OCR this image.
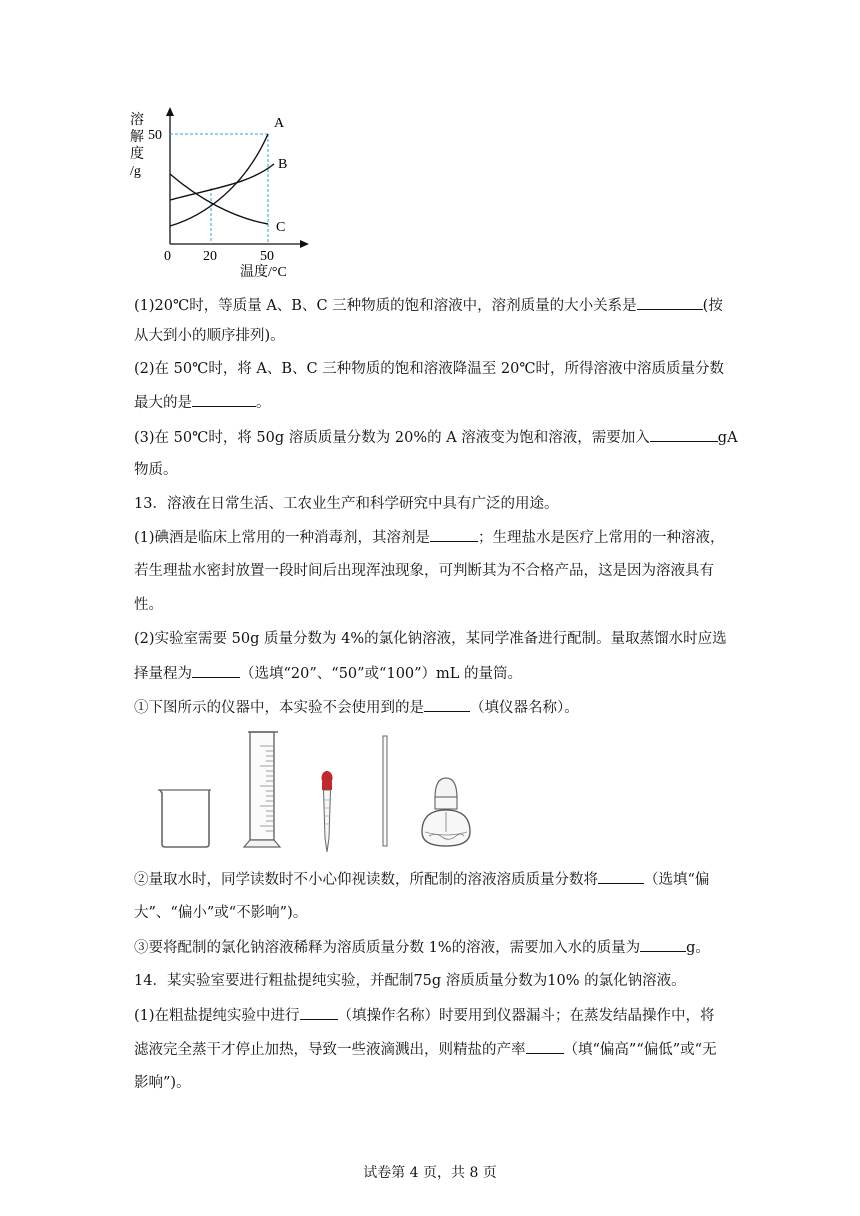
溶
解
度
/g
50
0 20	50
温度/°C
A
B
C
(1)20℃时，等质量 A、B、C 三种物质的饱和溶液中，溶剂质量的大小关系是	(按
从大到小的顺序排列)。
(2)在 50℃时，将 A、B、C 三种物质的饱和溶液降温至 20℃时，所得溶液中溶质质量分数
最大的是	。
(3)在 50℃时，将 50g 溶质质量分数为 20%的 A 溶液变为饱和溶液，需要加入	gA
物质。
13．溶液在日常生活、工农业生产和科学研究中具有广泛的用途。
(1)碘酒是临床上常用的一种消毒剂，其溶剂是	；生理盐水是医疗上常用的一种溶液，
若生理盐水密封放置一段时间后出现浑浊现象，可判断其为不合格产品，这是因为溶液具有
性。
(2)实验室需要 50g 质量分数为 4%的氯化钠溶液，某同学准备进行配制。量取蒸馏水时应选
择量程为	（选填“20”、“50”或“100”）mL 的量筒。
①下图所示的仪器中，本实验不会使用到的是	（填仪器名称）。
②量取水时，同学读数时不小心仰视读数，所配制的溶液溶质质量分数将	（选填“偏
大”、“偏小”或“不影响”)。
③要将配制的氯化钠溶液稀释为溶质质量分数 1%的溶液，需要加入水的质量为	g。
14．某实验室要进行粗盐提纯实验，并配制75g 溶质质量分数为10% 的氯化钠溶液。
(1)在粗盐提纯实验中进行	（填操作名称）时要用到仪器漏斗；在蒸发结晶操作中，将
滤液完全蒸干才停止加热，导致一些液滴溅出，则精盐的产率	（填“偏高”“偏低”或“无
影响”)。
试卷第 4 页，共 8 页
